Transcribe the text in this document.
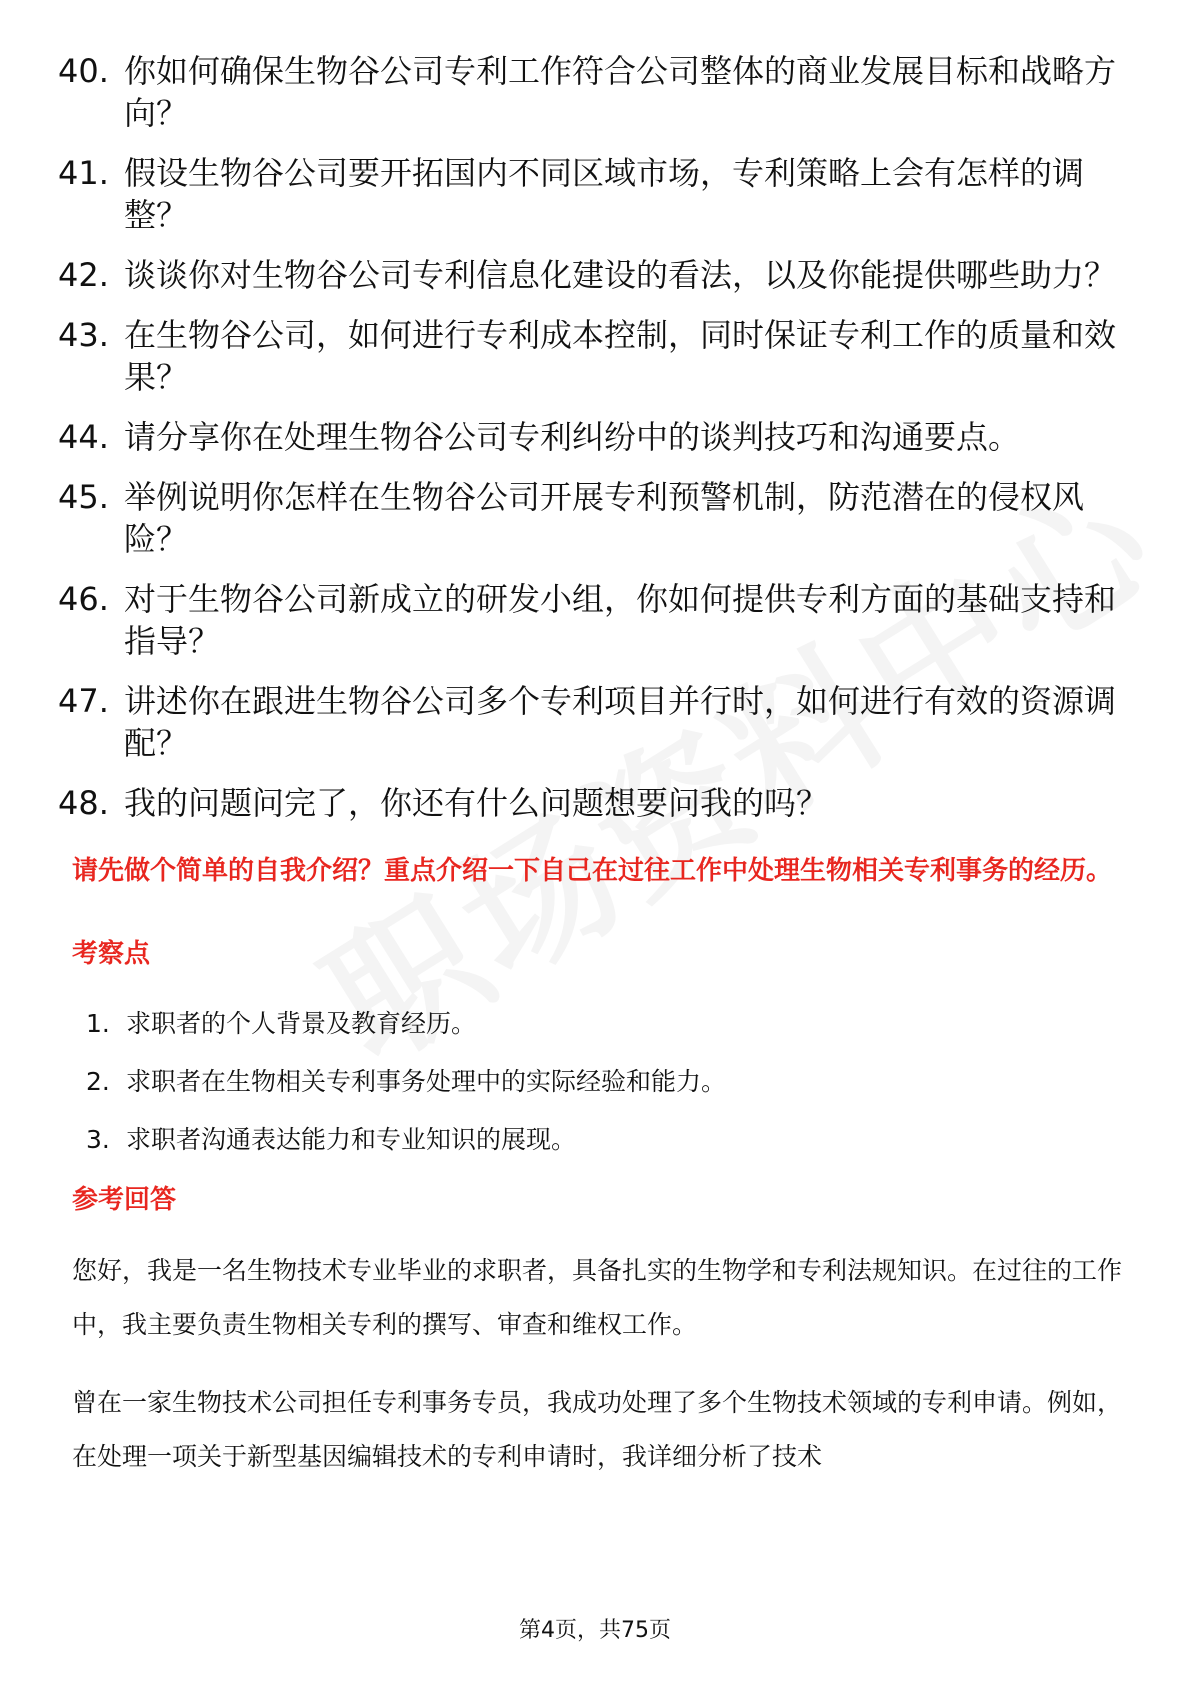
40. 你如何确保生物谷公司专利工作符合公司整体的商业发展目标和战略方向？
41. 假设生物谷公司要开拓国内不同区域市场，专利策略上会有怎样的调整？
42. 谈谈你对生物谷公司专利信息化建设的看法，以及你能提供哪些助力？
43. 在生物谷公司，如何进行专利成本控制，同时保证专利工作的质量和效果？
44. 请分享你在处理生物谷公司专利纠纷中的谈判技巧和沟通要点。
45. 举例说明你怎样在生物谷公司开展专利预警机制，防范潜在的侵权风险？
46. 对于生物谷公司新成立的研发小组，你如何提供专利方面的基础支持和指导？
47. 讲述你在跟进生物谷公司多个专利项目并行时，如何进行有效的资源调配？
48. 我的问题问完了，你还有什么问题想要问我的吗？
请先做个简单的自我介绍？重点介绍一下自己在过往工作中处理生物相关专利事务的经历。
考察点
1. 求职者的个人背景及教育经历。
2. 求职者在生物相关专利事务处理中的实际经验和能力。
3. 求职者沟通表达能力和专业知识的展现。
参考回答

您好，我是一名生物技术专业毕业的求职者，具备扎实的生物学和专利法规知识。在过往的工作中，我主要负责生物相关专利的撰写、审查和维权工作。

曾在一家生物技术公司担任专利事务专员，我成功处理了多个生物技术领域的专利申请。例如，在处理一项关于新型基因编辑技术的专利申请时，我详细分析了技术

第4页，共75页
